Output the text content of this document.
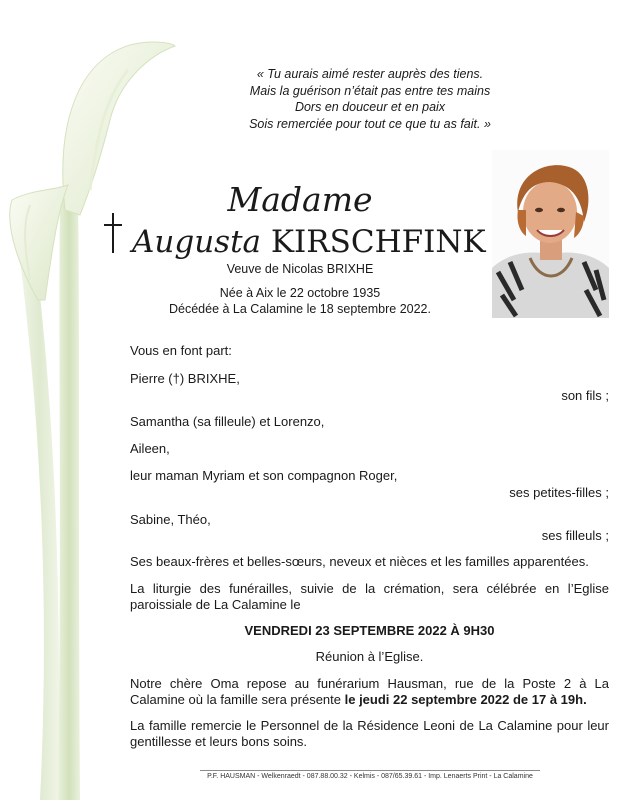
« Tu aurais aimé rester auprès des tiens.
Mais la guérison n’était pas entre tes mains
Dors en douceur et en paix
Sois remerciée pour tout ce que tu as fait. »
Madame
Augusta KIRSCHFINK
Veuve de Nicolas BRIXHE
Née à Aix le 22 octobre 1935
Décédée à La Calamine le 18 septembre 2022.
Vous en font part:
Pierre (†) BRIXHE,
son fils ;
Samantha (sa filleule) et Lorenzo,
Aileen,
leur maman Myriam et son compagnon Roger,
ses petites-filles ;
Sabine, Théo,
ses filleuls ;
Ses beaux-frères et belles-sœurs, neveux et nièces et les familles apparentées.
La liturgie des funérailles, suivie de la crémation, sera célébrée en l’Eglise
paroissiale de La Calamine le
VENDREDI 23 SEPTEMBRE 2022 À 9H30
Réunion à l’Eglise.
Notre chère Oma repose au funérarium Hausman, rue de la Poste 2 à La
Calamine où la famille sera présente le jeudi 22 septembre 2022 de 17 à 19h.
La famille remercie le Personnel de la Résidence Leoni de La Calamine pour leur gentillesse et leurs bons soins.
P.F. HAUSMAN - Welkenraedt - 087.88.00.32 - Kelmis - 087/65.39.61 - Imp. Lenaerts Print - La Calamine
